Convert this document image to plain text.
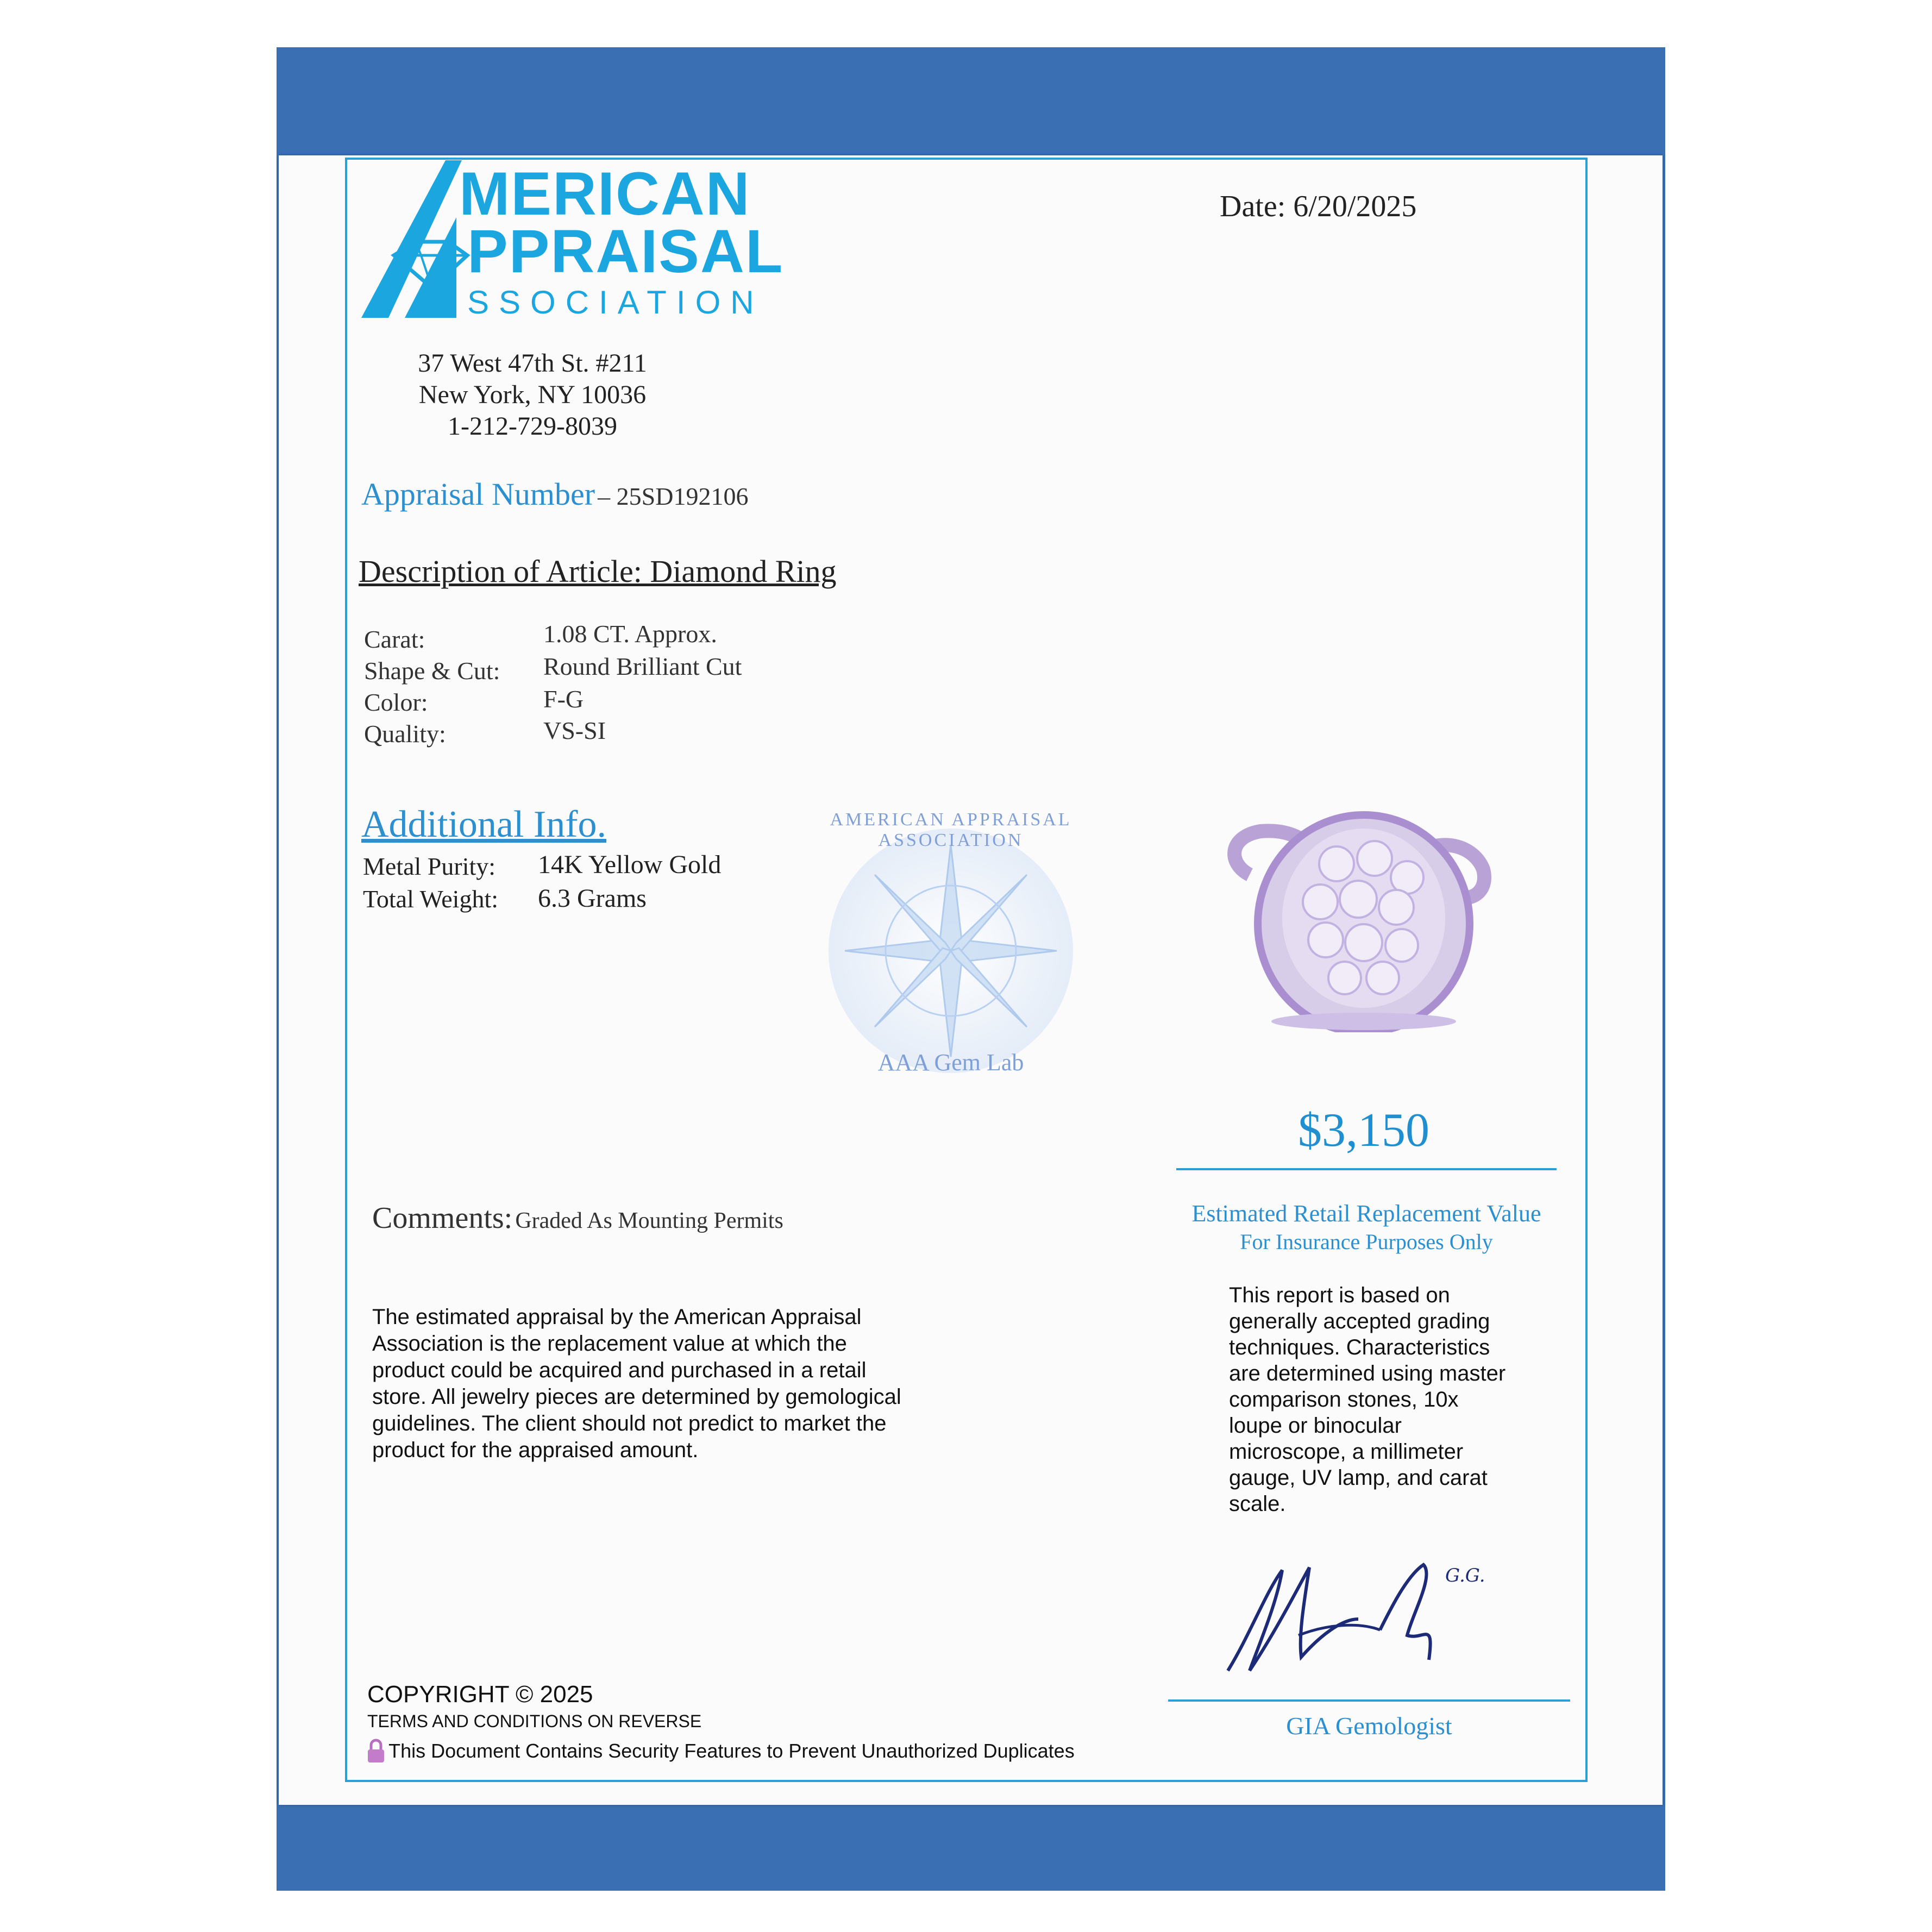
MERICAN
PPRAISAL
SSOCIATION
Date: 6/20/2025
37 West 47th St. #211
New York, NY 10036
1-212-729-8039
Appraisal Number – 25SD192106
Description of Article: Diamond Ring
Carat:	1.08 CT. Approx.
Shape & Cut: Round Brilliant Cut
Color:	F-G
Quality:	VS-SI
Additional Info.
Metal Purity: 14K Yellow Gold
Total Weight: 6.3 Grams
AMERICAN APPRAISAL ASSOCIATION
AAA Gem Lab
$3,150
Estimated Retail Replacement Value
For Insurance Purposes Only
Comments: Graded As Mounting Permits
The estimated appraisal by the American Appraisal
Association is the replacement value at which the
product could be acquired and purchased in a retail
store. All jewelry pieces are determined by gemological
guidelines. The client should not predict to market the
product for the appraised amount.
This report is based on
generally accepted grading
techniques. Characteristics
are determined using master
comparison stones, 10x
loupe or binocular
microscope, a millimeter
gauge, UV lamp, and carat
scale.
G.G.
GIA Gemologist
COPYRIGHT © 2025
TERMS AND CONDITIONS ON REVERSE
This Document Contains Security Features to Prevent Unauthorized Duplicates
